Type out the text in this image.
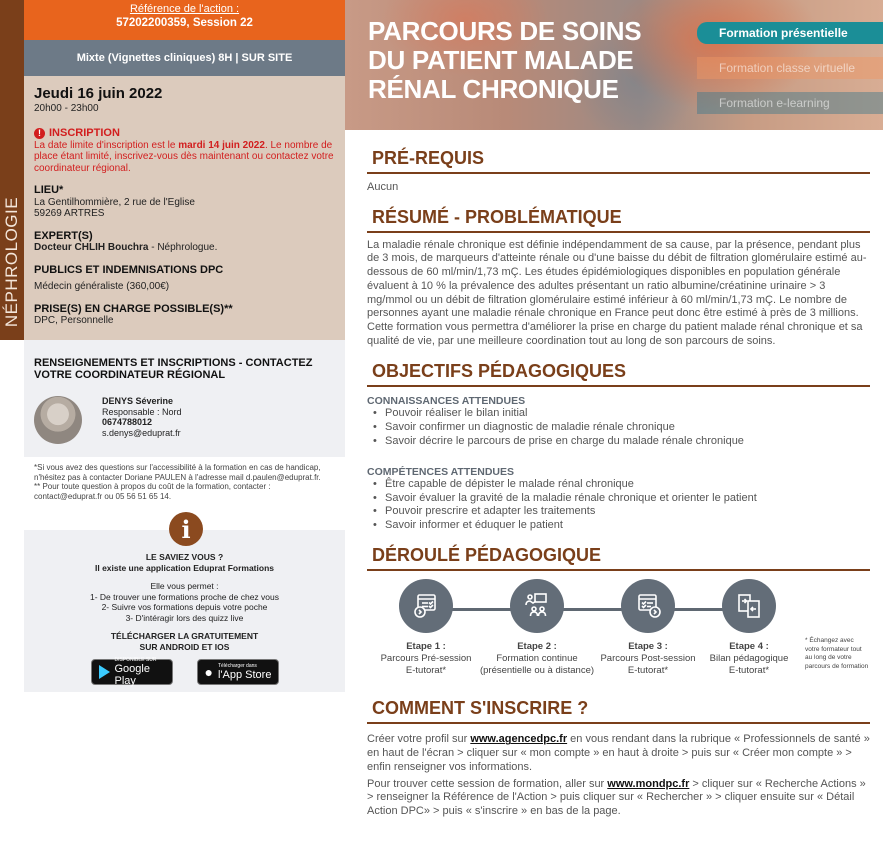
NÉPHROLOGIE
Référence de l'action :
57202200359, Session 22
Mixte (Vignettes cliniques) 8H | SUR SITE
Jeudi 16 juin 2022
20h00 - 23h00
! INSCRIPTION
La date limite d'inscription est le mardi 14 juin 2022. Le nombre de place étant limité, inscrivez-vous dès maintenant ou contactez votre coordinateur régional.
LIEU*
La Gentilhommière, 2 rue de l'Eglise
59269 ARTRES
EXPERT(S)
Docteur CHLIH Bouchra - Néphrologue.
PUBLICS ET INDEMNISATIONS DPC
Médecin généraliste (360,00€)
PRISE(S) EN CHARGE POSSIBLE(S)**
DPC, Personnelle
RENSEIGNEMENTS ET INSCRIPTIONS - CONTACTEZ VOTRE COORDINATEUR RÉGIONAL
DENYS Séverine
Responsable : Nord
0674788012
s.denys@eduprat.fr
*Si vous avez des questions sur l'accessibilité à la formation en cas de handicap, n'hésitez pas à contacter Doriane PAULEN à l'adresse mail d.paulen@eduprat.fr.
** Pour toute question à propos du coût de la formation, contacter : contact@eduprat.fr ou 05 56 51 65 14.
i
LE SAVIEZ VOUS ?
Il existe une application Eduprat Formations
Elle vous permet :
1- De trouver une formations proche de chez vous
2- Suivre vos formations depuis votre poche
3- D'intéragir lors des quizz live
TÉLÉCHARGER LA GRATUITEMENT
SUR ANDROID ET IOS
DISPONIBLE SUR
Google Play
● Télécharger dans
l'App Store
PARCOURS DE SOINS
DU PATIENT MALADE
RÉNAL CHRONIQUE
Formation présentielle
Formation classe virtuelle
Formation e-learning
PRÉ-REQUIS
Aucun
RÉSUMÉ - PROBLÉMATIQUE
La maladie rénale chronique est définie indépendamment de sa cause, par la présence, pendant plus de 3 mois, de marqueurs d'atteinte rénale ou d'une baisse du débit de filtration glomérulaire estimé au-dessous de 60 ml/min/1,73 mÇ. Les études épidémiologiques disponibles en population générale évaluent à 10 % la prévalence des adultes présentant un ratio albumine/créatinine urinaire > 3 mg/mmol ou un débit de filtration glomérulaire estimé inférieur à 60 ml/min/1,73 mÇ. Le nombre de personnes ayant une maladie rénale chronique en France peut donc être estimé à près de 3 millions. Cette formation vous permettra d'améliorer la prise en charge du patient malade rénal chronique et sa qualité de vie, par une meilleure coordination tout au long de son parcours de soins.
OBJECTIFS PÉDAGOGIQUES
CONNAISSANCES ATTENDUES
• Pouvoir réaliser le bilan initial
• Savoir confirmer un diagnostic de maladie rénale chronique
• Savoir décrire le parcours de prise en charge du malade rénale chronique
COMPÉTENCES ATTENDUES
• Être capable de dépister le malade rénal chronique
• Savoir évaluer la gravité de la maladie rénale chronique et orienter le patient
• Pouvoir prescrire et adapter les traitements
• Savoir informer et éduquer le patient
DÉROULÉ PÉDAGOGIQUE
Etape 1 :
Parcours Pré-session
E-tutorat*
Etape 2 :
Formation continue
(présentielle ou à distance)
Etape 3 :
Parcours Post-session
E-tutorat*
Etape 4 :
Bilan pédagogique
E-tutorat*
* Échangez avec votre formateur tout au long de votre parcours de formation
COMMENT S'INSCRIRE ?
Créer votre profil sur www.agencedpc.fr en vous rendant dans la rubrique « Professionnels de santé » en haut de l'écran > cliquer sur « mon compte » en haut à droite > puis sur « Créer mon compte » > enfin renseigner vos informations.
Pour trouver cette session de formation, aller sur www.mondpc.fr > cliquer sur « Recherche Actions » > renseigner la Référence de l'Action > puis cliquer sur « Rechercher » > cliquer ensuite sur « Détail Action DPC» > puis « s'inscrire » en bas de la page.
